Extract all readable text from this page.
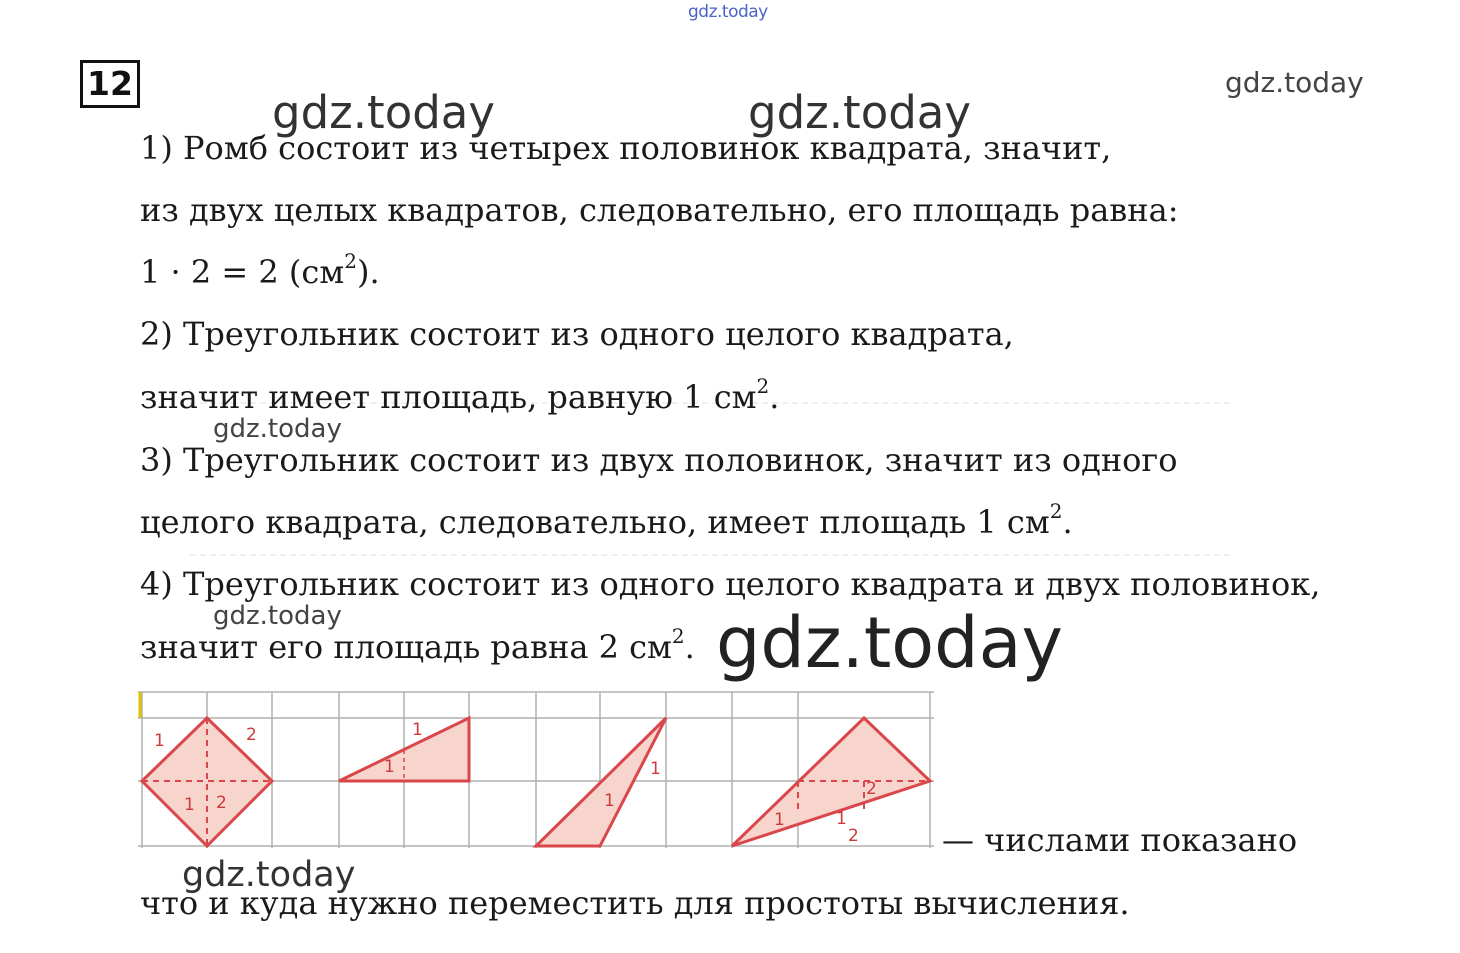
gdz.today
gdz.today
gdz.today	gdz.today
12
1) Ромб состоит из четырех половинок квадрата, значит,
из двух целых квадратов, следовательно, его площадь равна:
1 · 2 = 2 $(см^2)$.
2) Треугольник состоит из одного целого квадрата,
значит имеет площадь, равную 1 $см^2$.
3) Треугольник состоит из двух половинок, значит из одного
целого квадрата, следовательно, имеет площадь 1 $см^2$.
4) Треугольник состоит из одного целого квадрата и двух половинок,
значит его площадь равна 2 $см^2$.
gdz.today
gdz.today	gdz.today
1	2
1 2
1
1	1
1
1
2
1
2	— числами показано
gdz.today
что и куда нужно переместить для простоты вычисления.
